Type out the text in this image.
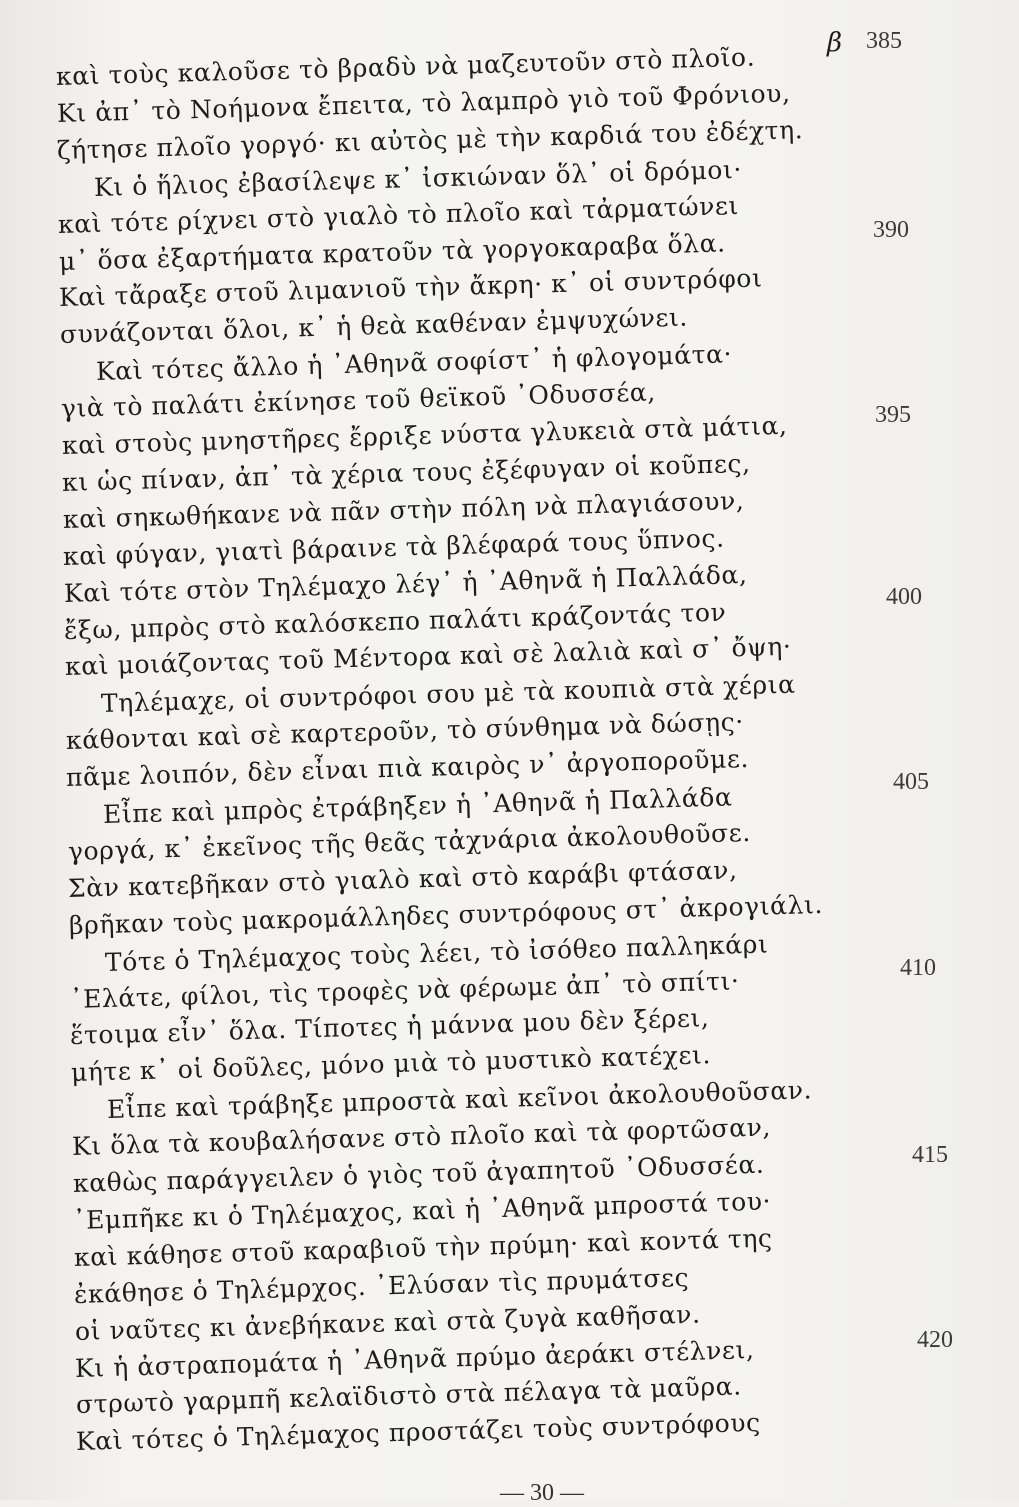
β 385
καὶ τοὺς καλοῦσε τὸ βραδὺ νὰ μαζευτοῦν στὸ πλοῖο.
Κι ἀπ᾽ τὸ Νοήμονα ἔπειτα, τὸ λαμπρὸ γιὸ τοῦ Φρόνιου,
ζήτησε πλοῖο γοργό· κι αὐτὸς μὲ τὴν καρδιά του ἐδέχτη.
Κι ὁ ἥλιος ἐβασίλεψε κ᾽ ἰσκιώναν ὅλ᾽ οἱ δρόμοι·
καὶ τότε ρίχνει στὸ γιαλὸ τὸ πλοῖο καὶ τἀρματώνει
μ᾽ ὅσα ἐξαρτήματα κρατοῦν τὰ γοργοκαραβα ὅλα.
Καὶ τἄραξε στοῦ λιμανιοῦ τὴν ἄκρη· κ᾽ οἱ συντρόφοι
συνάζονται ὅλοι, κ᾽ ἡ θεὰ καθέναν ἐμψυχώνει.
Καὶ τότες ἄλλο ἡ ᾽Αθηνᾶ σοφίστ᾽ ἡ φλογομάτα·
γιὰ τὸ παλάτι ἐκίνησε τοῦ θεϊκοῦ ᾽Οδυσσέα,
καὶ στοὺς μνηστῆρες ἔρριξε νύστα γλυκειὰ στὰ μάτια,
κι ὡς πίναν, ἀπ᾽ τὰ χέρια τους ἐξέφυγαν οἱ κοῦπες,
καὶ σηκωθήκανε νὰ πᾶν στὴν πόλη νὰ πλαγιάσουν,
καὶ φύγαν, γιατὶ βάραινε τὰ βλέφαρά τους ὕπνος.
Καὶ τότε στὸν Τηλέμαχο λέγ᾽ ἡ ᾽Αθηνᾶ ἡ Παλλάδα,
ἔξω, μπρὸς στὸ καλόσκεπο παλάτι κράζοντάς τον
καὶ μοιάζοντας τοῦ Μέντορα καὶ σὲ λαλιὰ καὶ σ᾽ ὄψη·
Τηλέμαχε, οἱ συντρόφοι σου μὲ τὰ κουπιὰ στὰ χέρια
κάθονται καὶ σὲ καρτεροῦν, τὸ σύνθημα νὰ δώσῃς·
πᾶμε λοιπόν, δὲν εἶναι πιὰ καιρὸς ν᾽ ἀργοποροῦμε.
Εἶπε καὶ μπρὸς ἐτράβηξεν ἡ ᾽Αθηνᾶ ἡ Παλλάδα
γοργά, κ᾽ ἐκεῖνος τῆς θεᾶς τἀχνάρια ἀκολουθοῦσε.
Σὰν κατεβῆκαν στὸ γιαλὸ καὶ στὸ καράβι φτάσαν,
βρῆκαν τοὺς μακρομάλληδες συντρόφους στ᾽ ἀκρογιάλι.
Τότε ὁ Τηλέμαχος τοὺς λέει, τὸ ἰσόθεο παλληκάρι
᾽Ελάτε, φίλοι, τὶς τροφὲς νὰ φέρωμε ἀπ᾽ τὸ σπίτι·
ἕτοιμα εἶν᾽ ὅλα. Τίποτες ἡ μάννα μου δὲν ξέρει,
μήτε κ᾽ οἱ δοῦλες, μόνο μιὰ τὸ μυστικὸ κατέχει.
Εἶπε καὶ τράβηξε μπροστὰ καὶ κεῖνοι ἀκολουθοῦσαν.
Κι ὅλα τὰ κουβαλήσανε στὸ πλοῖο καὶ τὰ φορτῶσαν,
καθὼς παράγγειλεν ὁ γιὸς τοῦ ἀγαπητοῦ ᾽Οδυσσέα.
᾽Εμπῆκε κι ὁ Τηλέμαχος, καὶ ἡ ᾽Αθηνᾶ μπροστά του·
καὶ κάθησε στοῦ καραβιοῦ τὴν πρύμη· καὶ κοντά της
ἐκάθησε ὁ Τηλέμρχος. ᾽Ελύσαν τὶς πρυμάτσες
οἱ ναῦτες κι ἀνεβήκανε καὶ στὰ ζυγὰ καθῆσαν.
Κι ἡ ἀστραπομάτα ἡ ᾽Αθηνᾶ πρύμο ἀεράκι στέλνει,
στρωτὸ γαρμπῆ κελαϊδιστὸ στὰ πέλαγα τὰ μαῦρα.
Καὶ τότες ὁ Τηλέμαχος προστάζει τοὺς συντρόφους
390
395
400
405
410
415
420
— 30 —
